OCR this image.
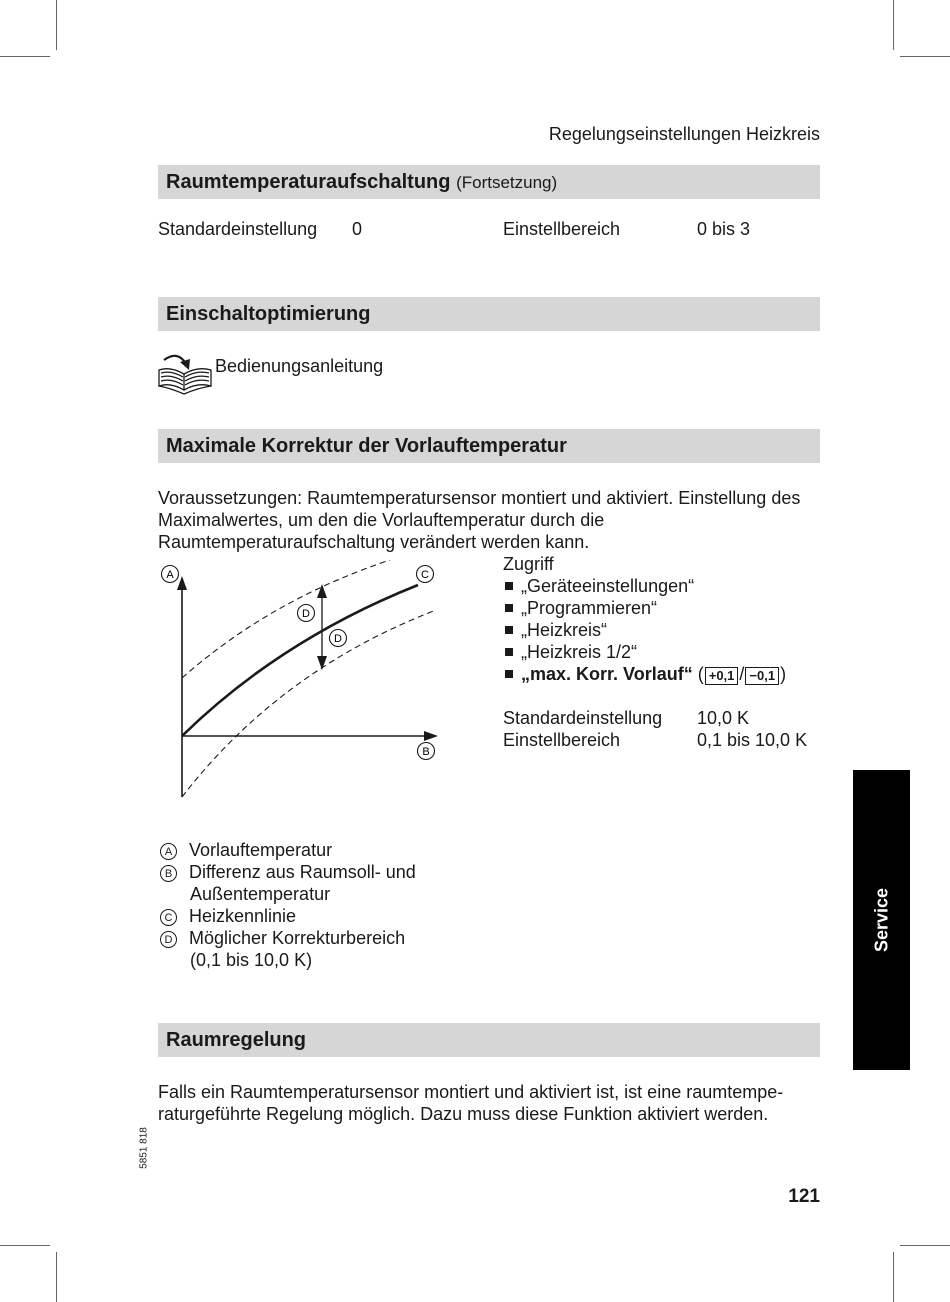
Regelungseinstellungen Heizkreis
Raumtemperaturaufschaltung (Fortsetzung)
Standardeinstellung 0	Einstellbereich	0 bis 3
Einschaltoptimierung
Bedienungsanleitung
Maximale Korrektur der Vorlauftemperatur
Voraussetzungen: Raumtemperatursensor montiert und aktiviert. Einstellung des Maximalwertes, um den die Vorlauftemperatur durch die Raumtemperaturaufschaltung verändert werden kann.
A	C
D
D
B
Zugriff
„Geräteeinstellungen“
„Programmieren“
„Heizkreis“
„Heizkreis 1/2“
„max. Korr. Vorlauf“ ( +0,1 / −0,1 )
Standardeinstellung 10,0 K
Einstellbereich	0,1 bis 10,0 K
A Vorlauftemperatur
B Differenz aus Raumsoll- und
Außentemperatur
C Heizkennlinie
D Möglicher Korrekturbereich
(0,1 bis 10,0 K)
Raumregelung
Falls ein Raumtemperatursensor montiert und aktiviert ist, ist eine raumtemperaturgeführte Regelung möglich. Dazu muss diese Funktion aktiviert werden.
Service
5851 818
121
